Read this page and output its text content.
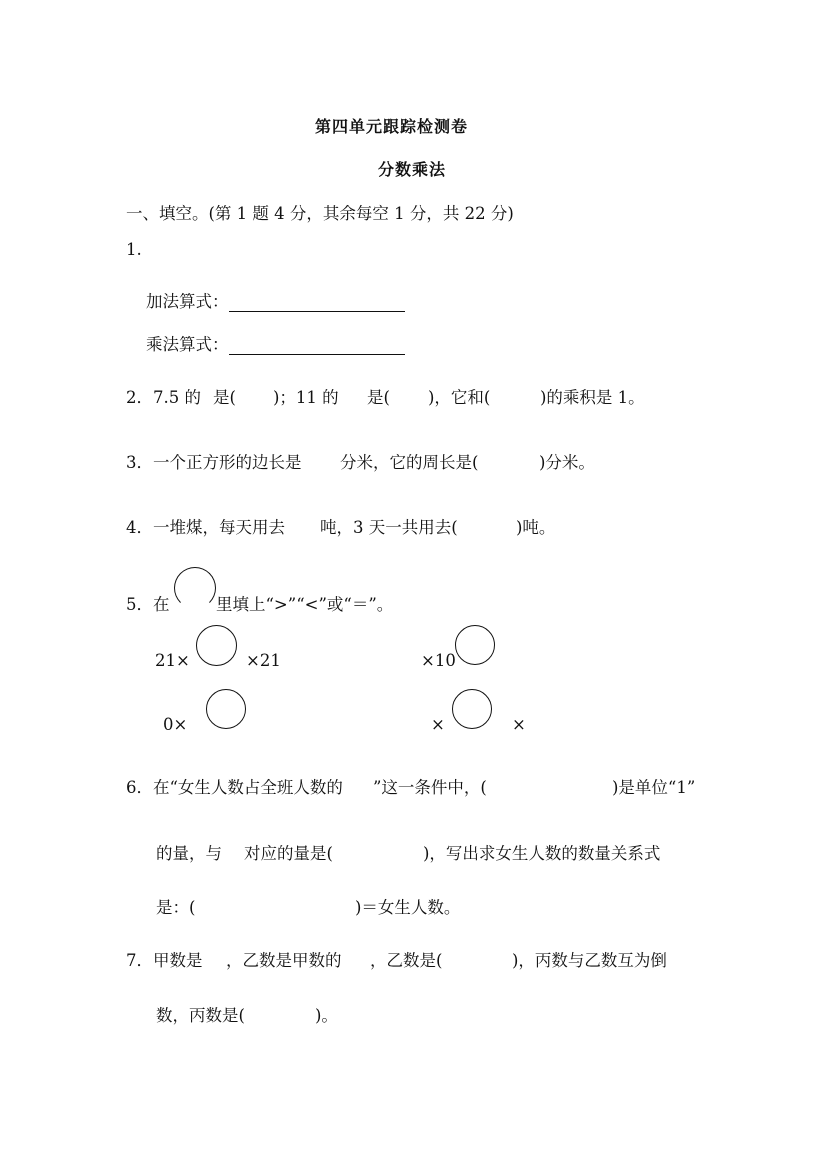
第四单元跟踪检测卷
分数乘法
一、填空。(第 1 题 4 分，其余每空 1 分，共 22 分)
1.
加法算式：
乘法算式：
2．7.5 的 是( )；11 的 是( )，它和(	)的乘积是 1。
3．一个正方形的边长是 分米，它的周长是(	)分米。
4．一堆煤，每天用去 吨，3 天一共用去(	)吨。
5．在	里填上“>”“<”或“＝”。
21×	×21	×10
0×	×	×
6．在“女生人数占全班人数的 ”这一条件中，(	)是单位“1”
的量，与 对应的量是(	)，写出求女生人数的数量关系式
是：(	)＝女生人数。
7．甲数是 ，乙数是甲数的 ，乙数是(	)，丙数与乙数互为倒
数，丙数是(	)。
